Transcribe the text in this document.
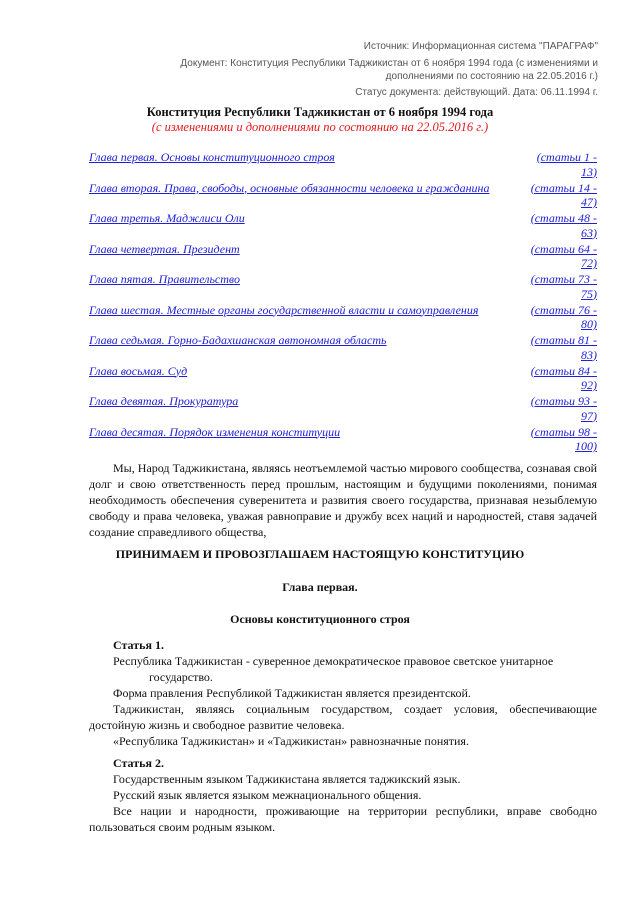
Источник: Информационная система "ПАРАГРАФ"
Документ: Конституция Республики Таджикистан от 6 ноября 1994 года (с изменениями и дополнениями по состоянию на 22.05.2016 г.)
Статус документа: действующий. Дата: 06.11.1994 г.
Конституция Республики Таджикистан от 6 ноября 1994 года
(с изменениями и дополнениями по состоянию на 22.05.2016 г.)
Глава первая. Основы конституционного строя	(статьи 1 - 13)
Глава вторая. Права, свободы, основные обязанности человека и гражданина	(статьи 14 - 47)
Глава третья. Маджлиси Оли	(статьи 48 - 63)
Глава четвертая. Президент	(статьи 64 - 72)
Глава пятая. Правительство	(статьи 73 - 75)
Глава шестая. Местные органы государственной власти и самоуправления	(статьи 76 - 80)
Глава седьмая. Горно-Бадахшанская автономная область	(статьи 81 - 83)
Глава восьмая. Суд	(статьи 84 - 92)
Глава девятая. Прокуратура	(статьи 93 - 97)
Глава десятая. Порядок изменения конституции	(статьи 98 - 100)
Мы, Народ Таджикистана, являясь неотъемлемой частью мирового сообщества, сознавая свой долг и свою ответственность перед прошлым, настоящим и будущими поколениями, понимая необходимость обеспечения суверенитета и развития своего государства, признавая незыблемую свободу и права человека, уважая равноправие и дружбу всех наций и народностей, ставя задачей создание справедливого общества,
ПРИНИМАЕМ И ПРОВОЗГЛАШАЕМ НАСТОЯЩУЮ КОНСТИТУЦИЮ
Глава первая.
Основы конституционного строя
Статья 1.

Республика Таджикистан - суверенное демократическое правовое светское унитарное
государство.

Форма правления Республикой Таджикистан является президентской.

Таджикистан, являясь социальным государством, создает условия, обеспечивающие достойную жизнь и свободное развитие человека.

«Республика Таджикистан» и «Таджикистан» равнозначные понятия.

Статья 2.

Государственным языком Таджикистана является таджикский язык.

Русский язык является языком межнационального общения.

Все нации и народности, проживающие на территории республики, вправе свободно пользоваться своим родным языком.
